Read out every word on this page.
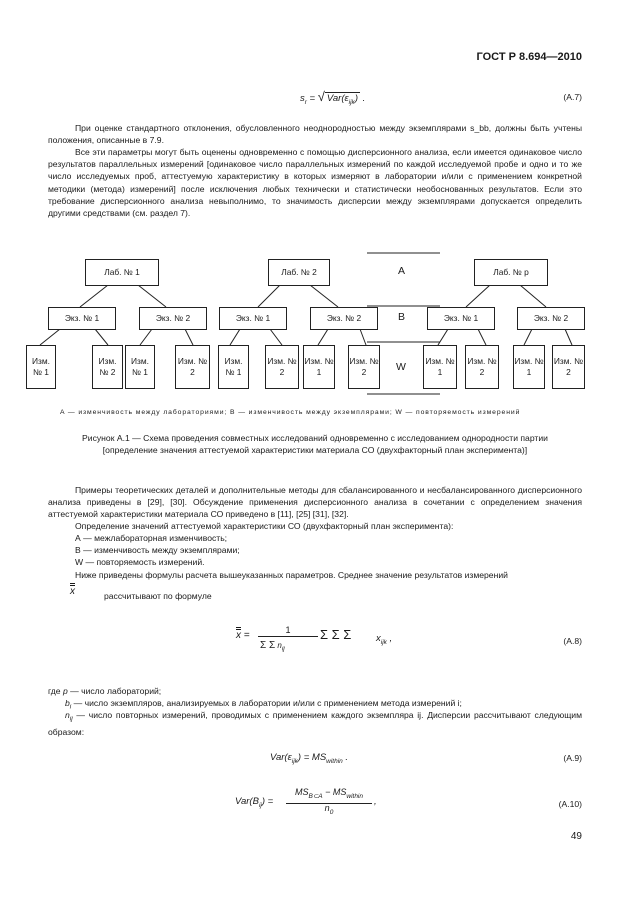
ГОСТ Р 8.694—2010
$s_r$ = √ $Var(\varepsilon_{ijk})$ .	(А.7)

При оценке стандартного отклонения, обусловленного неоднородностью между экземплярами s_bb, должны быть учтены положения, описанные в 7.9.

Все эти параметры могут быть оценены одновременно с помощью дисперсионного анализа, если имеется одинаковое число результатов параллельных измерений [одинаковое число параллельных измерений по каждой исследуемой пробе и одно и то же число исследуемых проб, аттестуемую характеристику в которых измеряют в лаборатории и/или с применением конкретной методики (метода) измерений] после исключения любых технически и статистически необоснованных результатов. Если это требование дисперсионного анализа невыполнимо, то значимость дисперсии между экземплярами допускается определить другими средствами (см. раздел 7).

Лаб. № 1	Лаб. № 2	Лаб. № p
Экз. № 1	Экз. № 2	Экз. № 1	Экз. № 2	Экз. № 1	Экз. № 2
Изм. № 1
Изм. № 2
Изм. № 1
Изм. № 2
Изм. № 1
Изм. № 2
Изм. № 1
Изм. № 2
Изм. № 1
Изм. № 2
Изм. № 1
Изм. № 2
A
B
W
A — изменчивость между лабораториями; B — изменчивость между экземплярами; W — повторяемость измерений
Рисунок А.1 — Схема проведения совместных исследований одновременно с исследованием однородности партии
[определение значения аттестуемой характеристики материала СО (двухфакторный план эксперимента)]

Примеры теоретических деталей и дополнительные методы для сбалансированного и несбалансированного дисперсионного анализа приведены в [29], [30]. Обсуждение применения дисперсионного анализа в сочетании с определением значения аттестуемой характеристики материала СО приведено в [11], [25] [31], [32].

Определение значений аттестуемой характеристики СО (двухфакторный план эксперимента):

А — межлабораторная изменчивость;

В — изменчивость между экземплярами;

W — повторяемость измерений.

Ниже приведены формулы расчета вышеуказанных параметров. Среднее значение результатов измерений

рассчитывают по формуле
x
x =	1
Σ Σ $n_{ij}$
Σ Σ Σ	$x_{ijk}$ ,	(А.8)
где p — число лабораторий;
$b_i$ — число экземпляров, анализируемых в лаборатории и/или с применением метода измерений i;

$n_{ij}$ — число повторных измерений, проводимых с применением каждого экземпляра ij. Дисперсии рассчитывают следующим образом:

$Var(\varepsilon_{ijk}) = MS_{within}$ .	(А.9)
$Var(B_{ij})$ =
$MS_{B\subset A} - MS_{within}$
$n_0$
,	(А.10)
49
